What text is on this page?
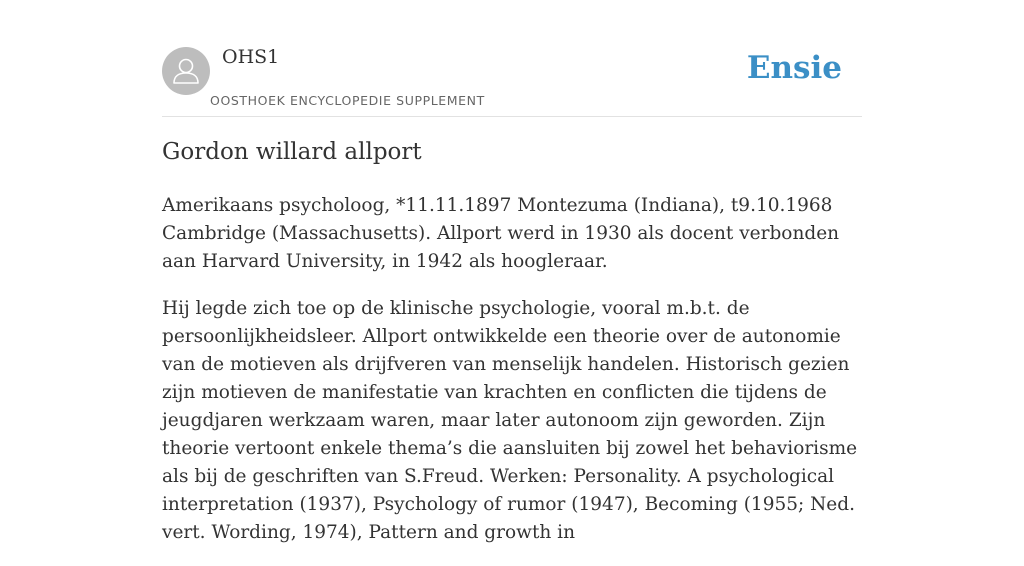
OHS1
OOSTHOEK ENCYCLOPEDIE SUPPLEMENT
Ensie
Gordon willard allport

Amerikaans psycholoog, *11.11.1897 Montezuma (Indiana), t9.10.1968 Cambridge (Massachusetts). Allport werd in 1930 als docent verbonden aan Harvard University, in 1942 als hoogleraar.

Hij legde zich toe op de klinische psychologie, vooral m.b.t. de persoonlijkheidsleer. Allport ontwikkelde een theorie over de autonomie van de motieven als drijfveren van menselijk handelen. Historisch gezien zijn motieven de manifestatie van krachten en conflicten die tijdens de jeugdjaren werkzaam waren, maar later autonoom zijn geworden. Zijn theorie vertoont enkele thema’s die aansluiten bij zowel het behaviorisme als bij de geschriften van S.Freud. Werken: Personality. A psychological interpretation (1937), Psychology of rumor (1947), Becoming (1955; Ned. vert. Wording, 1974), Pattern and growth in
